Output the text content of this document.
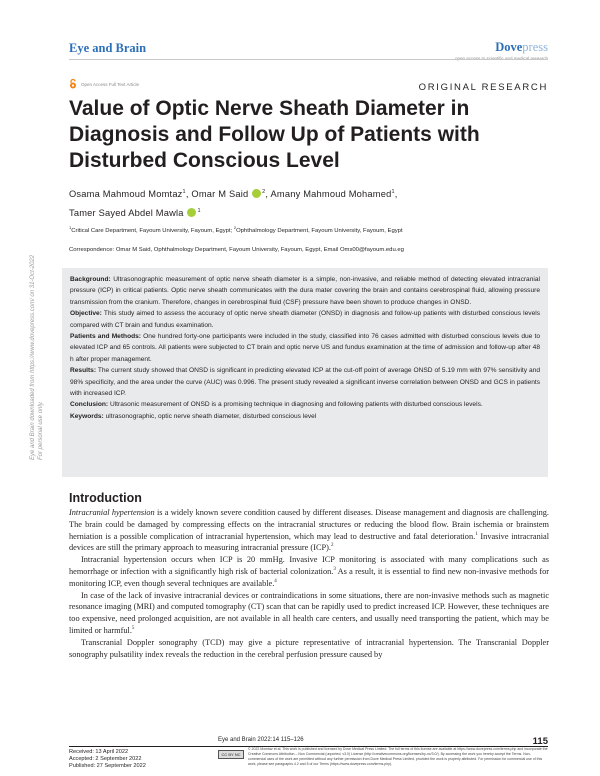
Eye and Brain	Dovepress
open access to scientific and medical research
Open Access Full Text Article	ORIGINAL RESEARCH
Value of Optic Nerve Sheath Diameter in Diagnosis and Follow Up of Patients with Disturbed Conscious Level
Osama Mahmoud Momtaz$^1$, Omar M Said	$^2$, Amany Mahmoud Mohamed$^1$,
Tamer Sayed Abdel Mawla	$^1$
$^1$Critical Care Department, Fayoum University, Fayoum, Egypt; $^2$Ophthalmology Department, Fayoum University, Fayoum, Egypt
Correspondence: Omar M Said, Ophthalmology Department, Fayoum University, Fayoum, Egypt, Email Oms00@fayoum.edu.eg

Background: Ultrasonographic measurement of optic nerve sheath diameter is a simple, non-invasive, and reliable method of detecting elevated intracranial pressure (ICP) in critical patients. Optic nerve sheath communicates with the dura mater covering the brain and contains cerebrospinal fluid, allowing pressure transmission from the cranium. Therefore, changes in cerebrospinal fluid (CSF) pressure have been shown to produce changes in ONSD.

Objective: This study aimed to assess the accuracy of optic nerve sheath diameter (ONSD) in diagnosis and follow-up patients with disturbed conscious levels compared with CT brain and fundus examination.

Patients and Methods: One hundred forty-one participants were included in the study, classified into 76 cases admitted with disturbed conscious levels due to elevated ICP and 65 controls. All patients were subjected to CT brain and optic nerve US and fundus examination at the time of admission and follow-up after 48 h after proper management.

Results: The current study showed that ONSD is significant in predicting elevated ICP at the cut-off point of average ONSD of 5.19 mm with 97% sensitivity and 98% specificity, and the area under the curve (AUC) was 0.996. The present study revealed a significant inverse correlation between ONSD and GCS in patients with increased ICP.

Conclusion: Ultrasonic measurement of ONSD is a promising technique in diagnosing and following patients with disturbed conscious levels.

Keywords: ultrasonographic, optic nerve sheath diameter, disturbed conscious level

Introduction

Intracranial hypertension is a widely known severe condition caused by different diseases. Disease management and diagnosis are challenging. The brain could be damaged by compressing effects on the intracranial structures or reducing the blood flow. Brain ischemia or brainstem herniation is a possible complication of intracranial hypertension, which may lead to destructive and fatal deterioration.$^1$ Invasive intracranial devices are still the primary approach to measuring intracranial pressure (ICP).$^2$

Intracranial hypertension occurs when ICP is 20 mmHg. Invasive ICP monitoring is associated with many complications such as hemorrhage or infection with a significantly high risk of bacterial colonization.$^3$ As a result, it is essential to find new non-invasive methods for monitoring ICP, even though several techniques are available.$^4$

In case of the lack of invasive intracranial devices or contraindications in some situations, there are non-invasive methods such as magnetic resonance imaging (MRI) and computed tomography (CT) scan that can be rapidly used to predict increased ICP. However, these techniques are too expensive, need prolonged acquisition, are not available in all health care centers, and usually need transporting the patient, which may be limited or harmful.$^5$

Transcranial Doppler sonography (TCD) may give a picture representative of intracranial hypertension. The Transcranial Doppler sonography pulsatility index reveals the reduction in the cerebral perfusion pressure caused by

Eye and Brain downloaded from https://www.dovepress.com/ on 31-Oct-2022 For personal use only.
Eye and Brain 2022:14 115–126	115
Received: 13 April 2022
Accepted: 2 September 2022
Published: 27 September 2022
CC BY NC
© 2022 Momtaz et al. This work is published and licensed by Dove Medical Press Limited. The full terms of this license are available at https://www.dovepress.com/terms.php and incorporate the Creative Commons Attribution – Non Commercial (unported, v3.0) License (http://creativecommons.org/licenses/by-nc/3.0/). By accessing the work you hereby accept the Terms. Non-commercial uses of the work are permitted without any further permission from Dove Medical Press Limited, provided the work is properly attributed. For permission for commercial use of this work, please see paragraphs 4.2 and 5 of our Terms (https://www.dovepress.com/terms.php).
